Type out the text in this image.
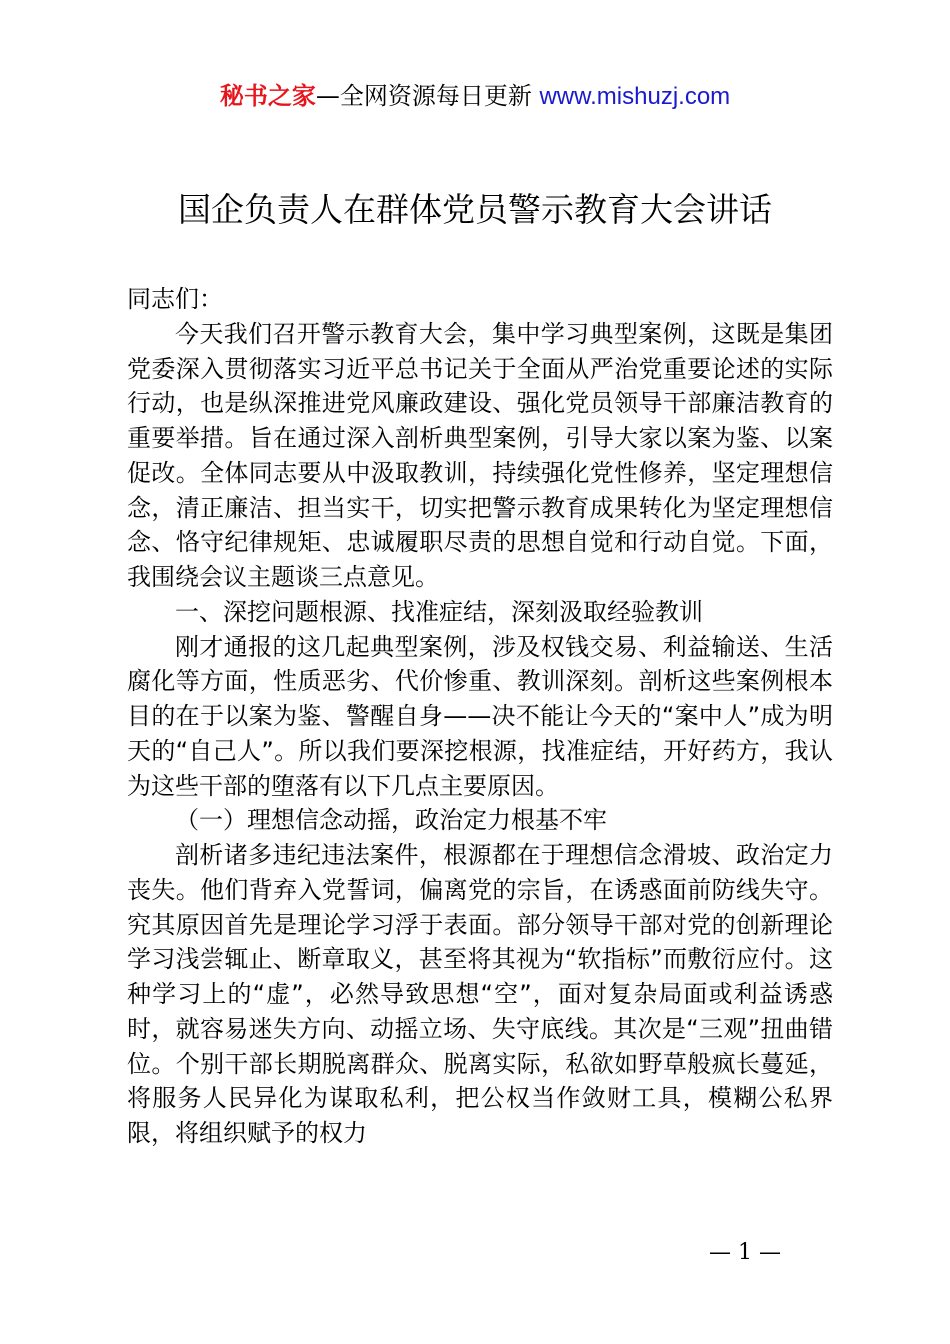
秘书之家—全网资源每日更新 www.mishuzj.com
国企负责人在群体党员警示教育大会讲话

同志们：

今天我们召开警示教育大会，集中学习典型案例，这既是集团党委深入贯彻落实习近平总书记关于全面从严治党重要论述的实际行动，也是纵深推进党风廉政建设、强化党员领导干部廉洁教育的重要举措。旨在通过深入剖析典型案例，引导大家以案为鉴、以案促改。全体同志要从中汲取教训，持续强化党性修养，坚定理想信念，清正廉洁、担当实干，切实把警示教育成果转化为坚定理想信念、恪守纪律规矩、忠诚履职尽责的思想自觉和行动自觉。下面，我围绕会议主题谈三点意见。

一、深挖问题根源、找准症结，深刻汲取经验教训

刚才通报的这几起典型案例，涉及权钱交易、利益输送、生活腐化等方面，性质恶劣、代价惨重、教训深刻。剖析这些案例根本目的在于以案为鉴、警醒自身——决不能让今天的“案中人”成为明天的“自己人”。所以我们要深挖根源，找准症结，开好药方，我认为这些干部的堕落有以下几点主要原因。

（一）理想信念动摇，政治定力根基不牢

剖析诸多违纪违法案件，根源都在于理想信念滑坡、政治定力丧失。他们背弃入党誓词，偏离党的宗旨，在诱惑面前防线失守。究其原因首先是理论学习浮于表面。部分领导干部对党的创新理论学习浅尝辄止、断章取义，甚至将其视为“软指标”而敷衍应付。这种学习上的“虚”，必然导致思想“空”，面对复杂局面或利益诱惑时，就容易迷失方向、动摇立场、失守底线。其次是“三观”扭曲错位。个别干部长期脱离群众、脱离实际，私欲如野草般疯长蔓延，将服务人民异化为谋取私利，把公权当作敛财工具，模糊公私界限，将组织赋予的权力

— 1 —
